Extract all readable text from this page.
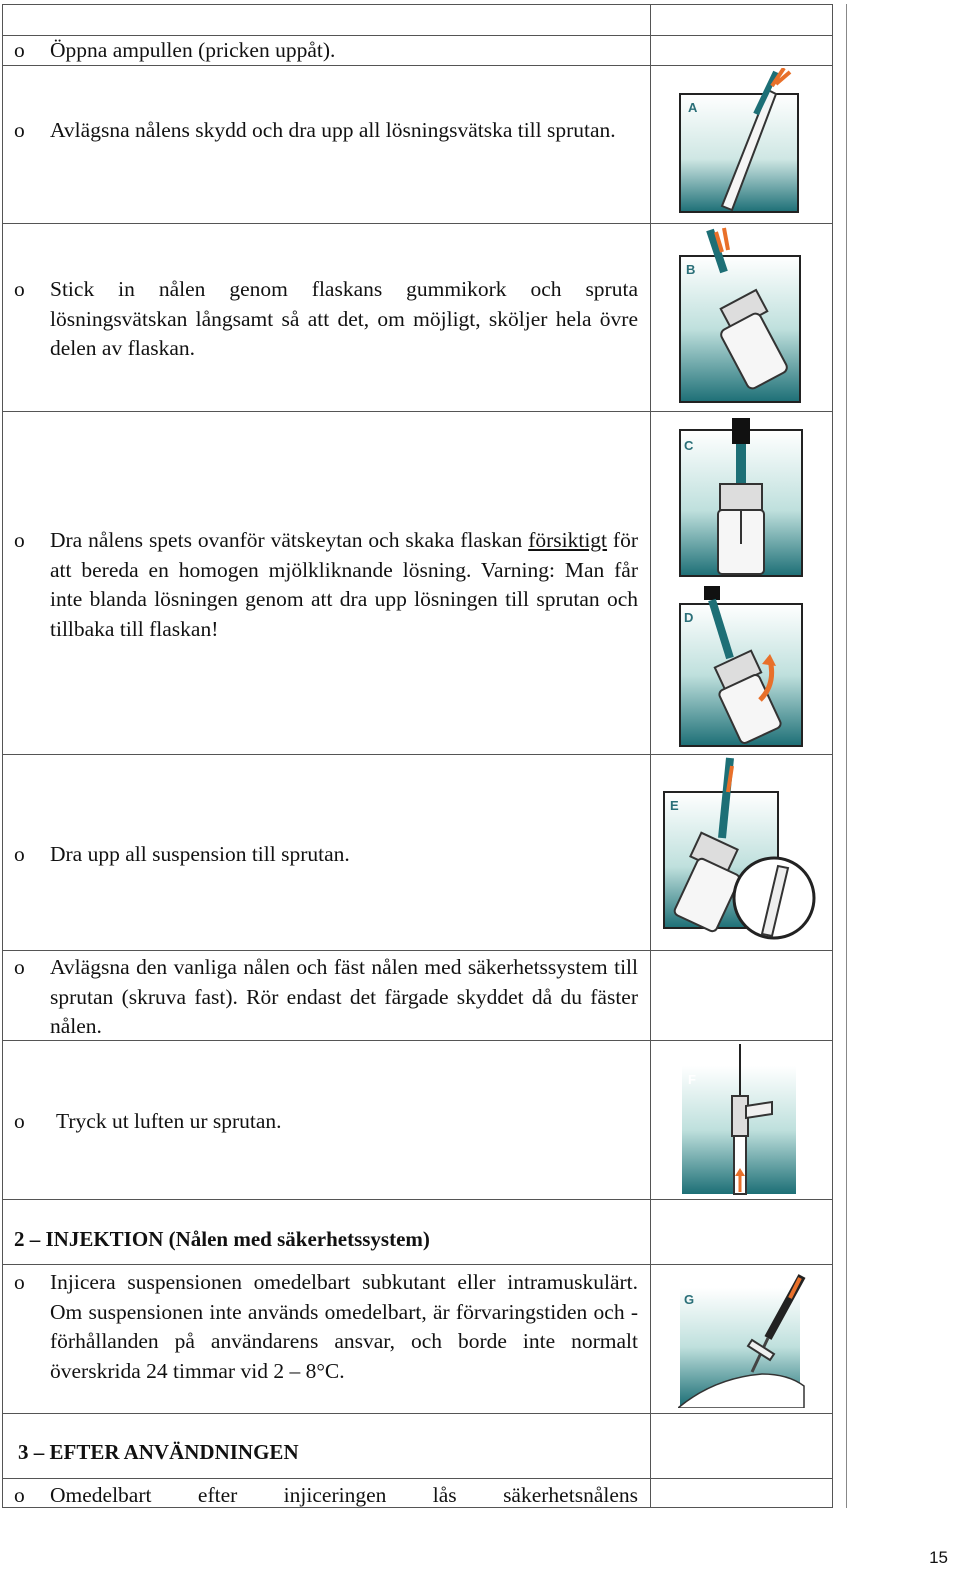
o	Öppna ampullen (pricken uppåt).
o	Avlägsna nålens skydd och dra upp all lösningsvätska till sprutan.
o	Stick in nålen genom flaskans gummikork och spruta lösningsvätskan långsamt så att det, om möjligt, sköljer hela övre delen av flaskan.
o	Dra nålens spets ovanför vätskeytan och skaka flaskan försiktigt för att bereda en homogen mjölkliknande lösning. Varning: Man får inte blanda lösningen genom att dra upp lösningen till sprutan och tillbaka till flaskan!
o	Dra upp all suspension till sprutan.
o	Avlägsna den vanliga nålen och fäst nålen med säkerhetssystem till sprutan (skruva fast). Rör endast det färgade skyddet då du fäster nålen.
o	Tryck ut luften ur sprutan.
2 – INJEKTION (Nålen med säkerhetssystem)
o	Injicera suspensionen omedelbart subkutant eller intramuskulärt. Om suspensionen inte används omedelbart, är förvaringstiden och -förhållanden på användarens ansvar, och borde inte normalt överskrida 24 timmar vid 2 – 8°C.
3 – EFTER ANVÄNDNINGEN
o	Omedelbart efter injiceringen lås säkerhetsnålens
A
B
C
D
E
F
G
15
